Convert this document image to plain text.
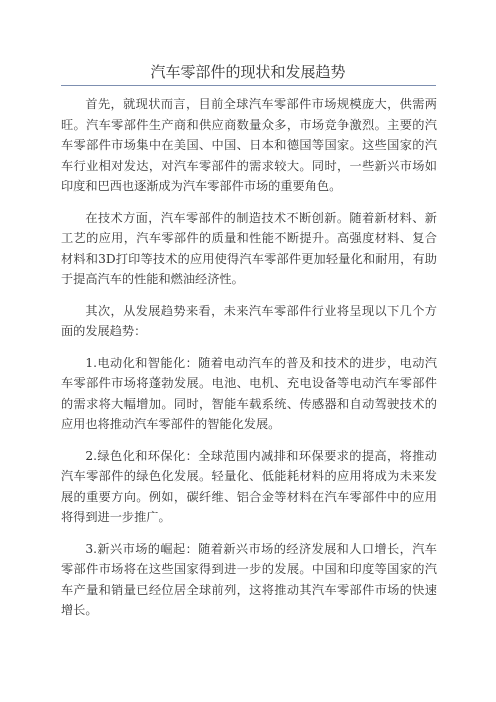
汽车零部件的现状和发展趋势

首先，就现状而言，目前全球汽车零部件市场规模庞大，供需两旺。汽车零部件生产商和供应商数量众多，市场竞争激烈。主要的汽车零部件市场集中在美国、中国、日本和德国等国家。这些国家的汽车行业相对发达，对汽车零部件的需求较大。同时，一些新兴市场如印度和巴西也逐渐成为汽车零部件市场的重要角色。

在技术方面，汽车零部件的制造技术不断创新。随着新材料、新工艺的应用，汽车零部件的质量和性能不断提升。高强度材料、复合材料和3D打印等技术的应用使得汽车零部件更加轻量化和耐用，有助于提高汽车的性能和燃油经济性。

其次，从发展趋势来看，未来汽车零部件行业将呈现以下几个方面的发展趋势：

1.电动化和智能化：随着电动汽车的普及和技术的进步，电动汽车零部件市场将蓬勃发展。电池、电机、充电设备等电动汽车零部件的需求将大幅增加。同时，智能车载系统、传感器和自动驾驶技术的应用也将推动汽车零部件的智能化发展。

2.绿色化和环保化：全球范围内减排和环保要求的提高，将推动汽车零部件的绿色化发展。轻量化、低能耗材料的应用将成为未来发展的重要方向。例如，碳纤维、铝合金等材料在汽车零部件中的应用将得到进一步推广。

3.新兴市场的崛起：随着新兴市场的经济发展和人口增长，汽车零部件市场将在这些国家得到进一步的发展。中国和印度等国家的汽车产量和销量已经位居全球前列，这将推动其汽车零部件市场的快速增长。
